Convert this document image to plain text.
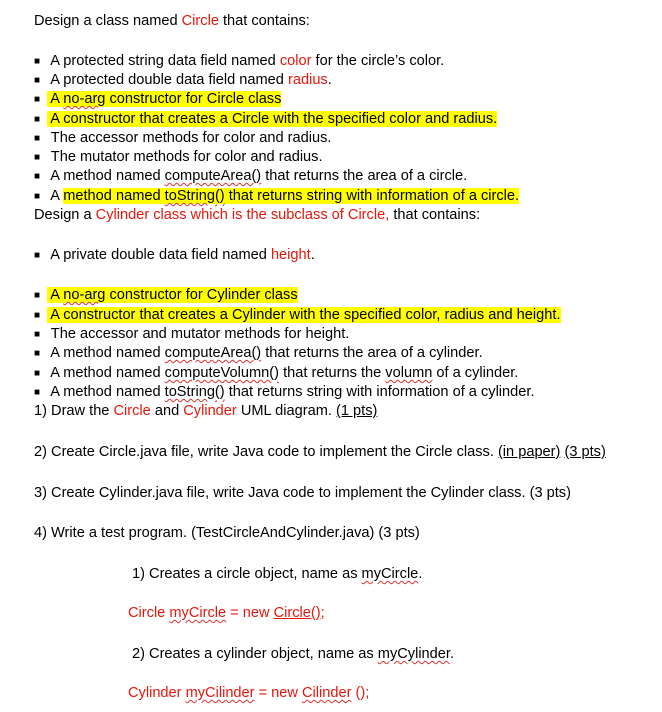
Design a class named Circle that contains:
■ A protected string data field named color for the circle’s color.
■ A protected double data field named radius.
■ A no-arg constructor for Circle class
■ A constructor that creates a Circle with the specified color and radius.
■ The accessor methods for color and radius.
■ The mutator methods for color and radius.
■ A method named computeArea() that returns the area of a circle.
■ A method named toString() that returns string with information of a circle.
Design a Cylinder class which is the subclass of Circle, that contains:
■ A private double data field named height.
■ A no-arg constructor for Cylinder class
■ A constructor that creates a Cylinder with the specified color, radius and height.
■ The accessor and mutator methods for height.
■ A method named computeArea() that returns the area of a cylinder.
■ A method named computeVolumn() that returns the volumn of a cylinder.
■ A method named toString() that returns string with information of a cylinder.
1) Draw the Circle and Cylinder UML diagram. (1 pts)
2) Create Circle.java file, write Java code to implement the Circle class. (in paper) (3 pts)
3) Create Cylinder.java file, write Java code to implement the Cylinder class. (3 pts)
4) Write a test program. (TestCircleAndCylinder.java) (3 pts)
1) Creates a circle object, name as myCircle.
Circle myCircle = new Circle();
2) Creates a cylinder object, name as myCylinder.
Cylinder myCilinder = new Cilinder ();
